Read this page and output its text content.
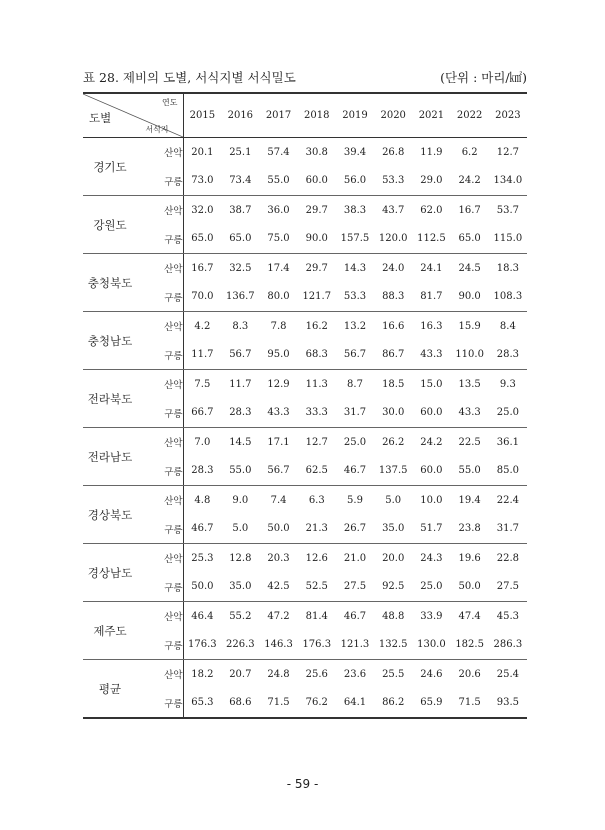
표 28. 제비의 도별, 서식지별 서식밀도	(단위 : 마리/㎢)
도별
연도
서식지		2015	2016	2017	2018	2019	2020	2021	2022	2023
경기도	산악	20.1	25.1	57.4	30.8	39.4	26.8	11.9	6.2	12.7
	구릉	73.0	73.4	55.0	60.0	56.0	53.3	29.0	24.2	134.0
강원도	산악	32.0	38.7	36.0	29.7	38.3	43.7	62.0	16.7	53.7
	구릉	65.0	65.0	75.0	90.0	157.5	120.0	112.5	65.0	115.0
충청북도	산악	16.7	32.5	17.4	29.7	14.3	24.0	24.1	24.5	18.3
	구릉	70.0	136.7	80.0	121.7	53.3	88.3	81.7	90.0	108.3
충청남도	산악	4.2	8.3	7.8	16.2	13.2	16.6	16.3	15.9	8.4
	구릉	11.7	56.7	95.0	68.3	56.7	86.7	43.3	110.0	28.3
전라북도	산악	7.5	11.7	12.9	11.3	8.7	18.5	15.0	13.5	9.3
	구릉	66.7	28.3	43.3	33.3	31.7	30.0	60.0	43.3	25.0
전라남도	산악	7.0	14.5	17.1	12.7	25.0	26.2	24.2	22.5	36.1
	구릉	28.3	55.0	56.7	62.5	46.7	137.5	60.0	55.0	85.0
경상북도	산악	4.8	9.0	7.4	6.3	5.9	5.0	10.0	19.4	22.4
	구릉	46.7	5.0	50.0	21.3	26.7	35.0	51.7	23.8	31.7
경상남도	산악	25.3	12.8	20.3	12.6	21.0	20.0	24.3	19.6	22.8
	구릉	50.0	35.0	42.5	52.5	27.5	92.5	25.0	50.0	27.5
제주도	산악	46.4	55.2	47.2	81.4	46.7	48.8	33.9	47.4	45.3
	구릉	176.3	226.3	146.3	176.3	121.3	132.5	130.0	182.5	286.3
평균	산악	18.2	20.7	24.8	25.6	23.6	25.5	24.6	20.6	25.4
	구릉	65.3	68.6	71.5	76.2	64.1	86.2	65.9	71.5	93.5
- 59 -
